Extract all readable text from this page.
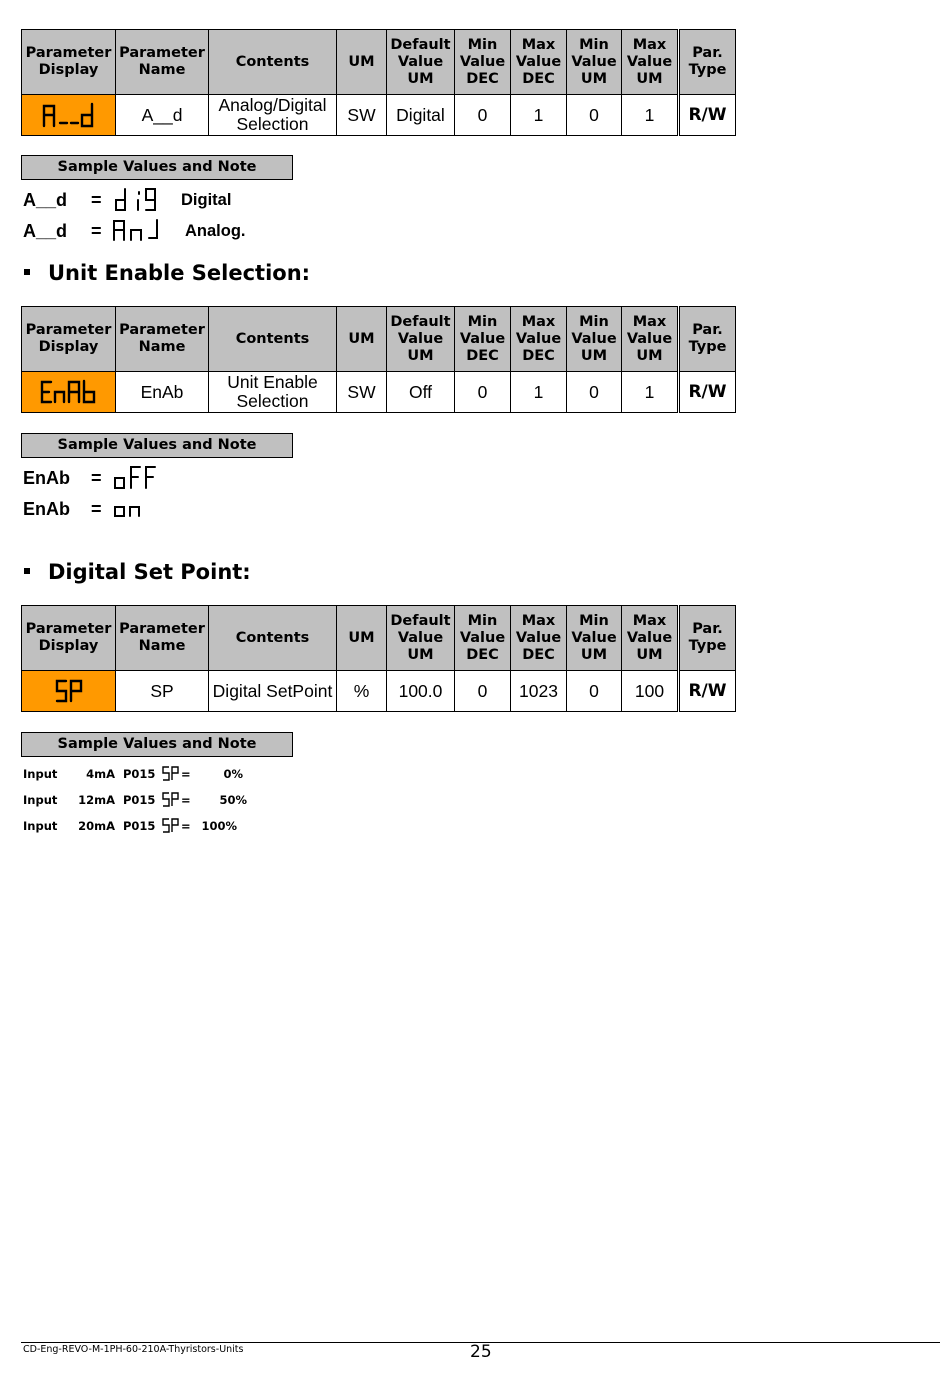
Parameter Display	Parameter Name	Contents	UM	Default Value UM	Min Value DEC	Max Value DEC	Min Value UM	Max Value UM		Par. Type

	A__d	Analog/Digital Selection	SW	Digital	0	1	0	1		R/W
Sample Values and Note
A__d	=	Digital
A__d	=	Analog.
Unit Enable Selection:
Parameter Display	Parameter Name	Contents	UM	Default Value UM	Min Value DEC	Max Value DEC	Min Value UM	Max Value UM		Par. Type

	EnAb	Unit Enable Selection	SW	Off	0	1	0	1		R/W
Sample Values and Note
EnAb	=
EnAb	=
Digital Set Point:
Parameter Display	Parameter Name	Contents	UM	Default Value UM	Min Value DEC	Max Value DEC	Min Value UM	Max Value UM		Par. Type

	SP	Digital SetPoint	%	100.0	0	1023	0	100		R/W
Sample Values and Note
Input	4mA P015	=	0%
Input	12mA P015	=	50%
Input	20mA P015	= 100%
CD-Eng-REVO-M-1PH-60-210A-Thyristors-Units	25
